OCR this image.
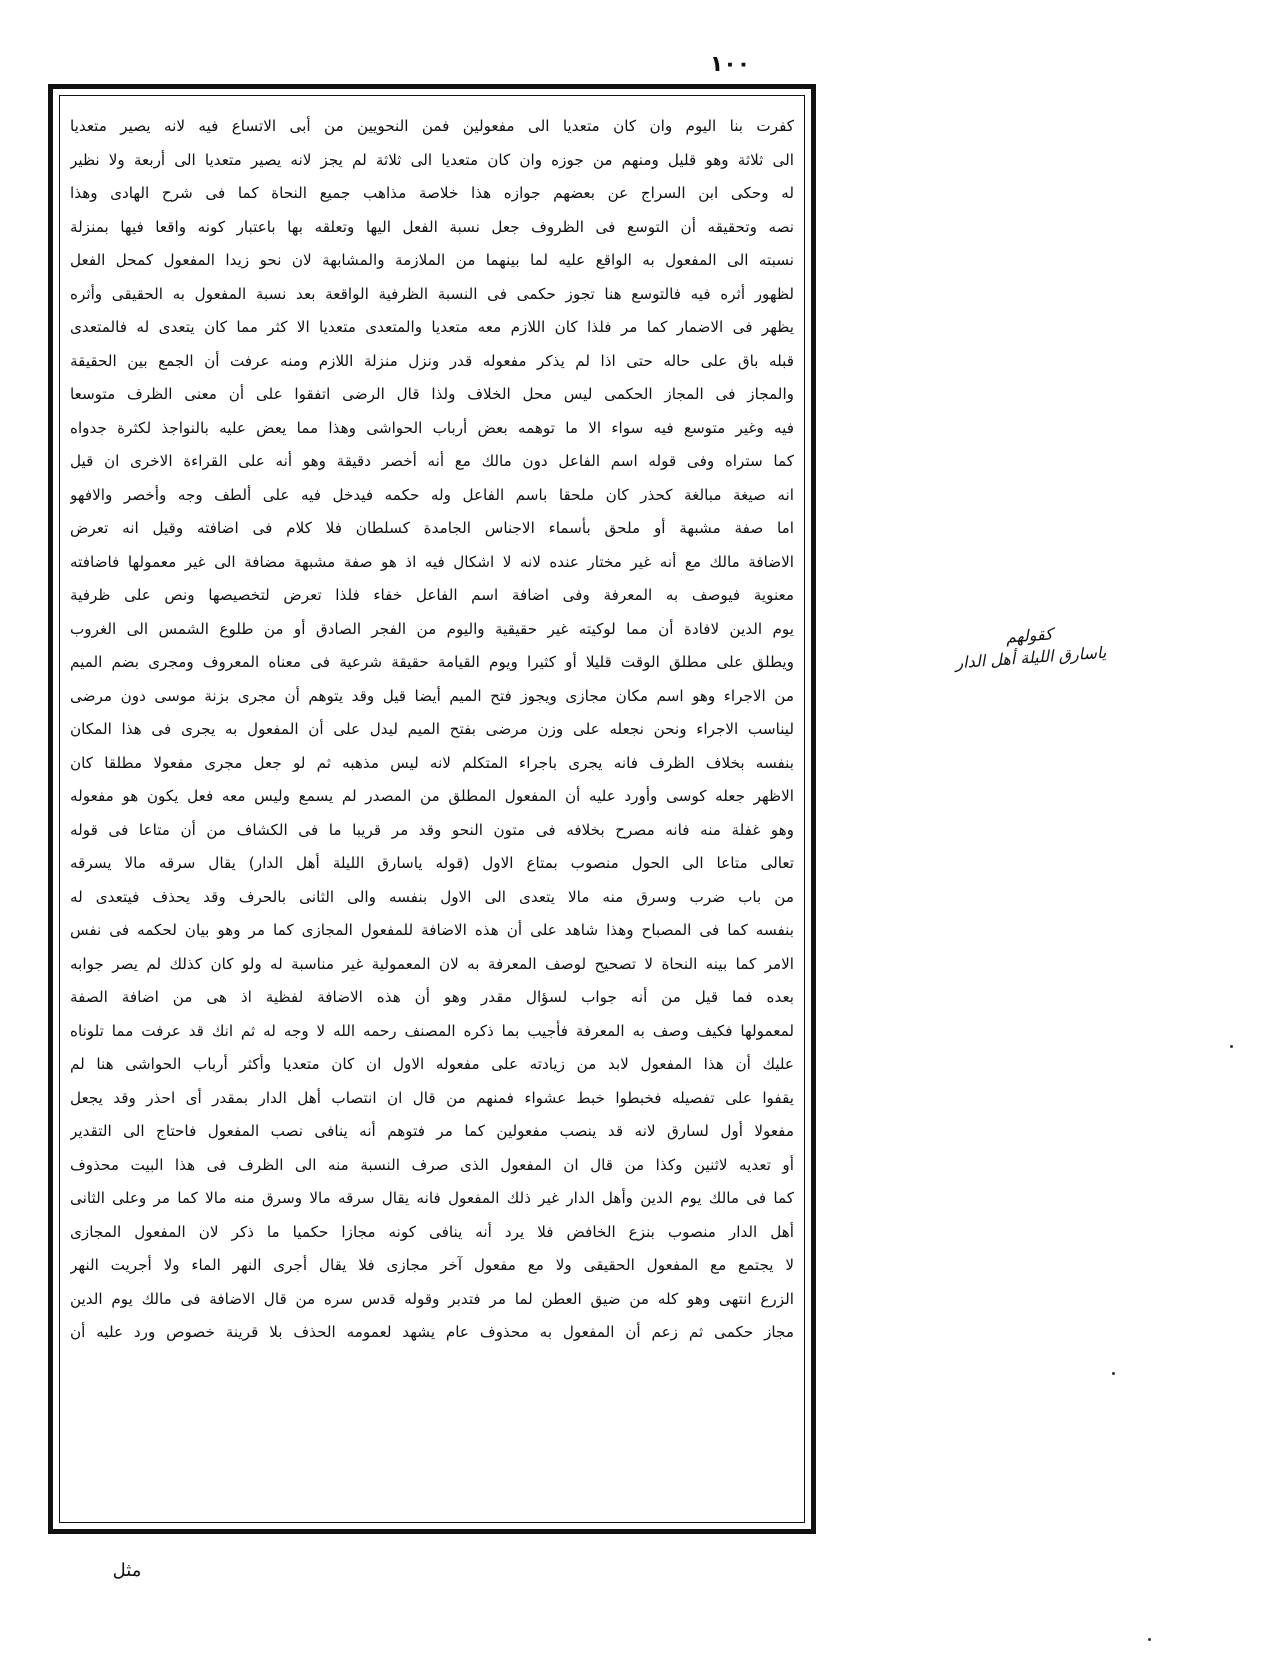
١٠٠
كفرت بنا اليوم وان كان متعديا الى مفعولين فمن النحويين من أبى الاتساع فيه لانه يصير متعديا
الى ثلاثة وهو قليل ومنهم من جوزه وان كان متعديا الى ثلاثة لم يجز لانه يصير متعديا الى أربعة ولا نظير
له وحكى ابن السراج عن بعضهم جوازه هذا خلاصة مذاهب جميع النحاة كما فى شرح الهادى وهذا
نصه وتحقيقه أن التوسع فى الظروف جعل نسبة الفعل اليها وتعلقه بها باعتبار كونه واقعا فيها بمنزلة
نسبته الى المفعول به الواقع عليه لما بينهما من الملازمة والمشابهة لان نحو زيدا المفعول كمحل الفعل
لظهور أثره فيه فالتوسع هنا تجوز حكمى فى النسبة الظرفية الواقعة بعد نسبة المفعول به الحقيقى وأثره
يظهر فى الاضمار كما مر فلذا كان اللازم معه متعديا والمتعدى متعديا الا كثر مما كان يتعدى له فالمتعدى
قبله باق على حاله حتى اذا لم يذكر مفعوله قدر ونزل منزلة اللازم ومنه عرفت أن الجمع بين الحقيقة
والمجاز فى المجاز الحكمى ليس محل الخلاف ولذا قال الرضى اتفقوا على أن معنى الظرف متوسعا
فيه وغير متوسع فيه سواء الا ما توهمه بعض أرباب الحواشى وهذا مما يعض عليه بالنواجذ لكثرة جدواه
كما ستراه وفى قوله اسم الفاعل دون مالك مع أنه أخصر دقيقة وهو أنه على القراءة الاخرى ان قيل
انه صيغة مبالغة كحذر كان ملحقا باسم الفاعل وله حكمه فيدخل فيه على ألطف وجه وأخصر والافهو
اما صفة مشبهة أو ملحق بأسماء الاجناس الجامدة كسلطان فلا كلام فى اضافته وقيل انه تعرض
الاضافة مالك مع أنه غير مختار عنده لانه لا اشكال فيه اذ هو صفة مشبهة مضافة الى غير معمولها فاضافته
معنوية فيوصف به المعرفة وفى اضافة اسم الفاعل خفاء فلذا تعرض لتخصيصها ونص على ظرفية
يوم الدين لافادة أن مما لوكيته غير حقيقية واليوم من الفجر الصادق أو من طلوع الشمس الى الغروب
ويطلق على مطلق الوقت قليلا أو كثيرا ويوم القيامة حقيقة شرعية فى معناه المعروف ومجرى بضم الميم
من الاجراء وهو اسم مكان مجازى ويجوز فتح الميم أيضا قيل وقد يتوهم أن مجرى بزنة موسى دون مرضى
ليناسب الاجراء ونحن نجعله على وزن مرضى بفتح الميم ليدل على أن المفعول به يجرى فى هذا المكان
بنفسه بخلاف الظرف فانه يجرى باجراء المتكلم لانه ليس مذهبه ثم لو جعل مجرى مفعولا مطلقا كان
الاظهر جعله كوسى وأورد عليه أن المفعول المطلق من المصدر لم يسمع وليس معه فعل يكون هو مفعوله
وهو غفلة منه فانه مصرح بخلافه فى متون النحو وقد مر قريبا ما فى الكشاف من أن متاعا فى قوله
تعالى متاعا الى الحول منصوب بمتاع الاول (قوله ياسارق الليلة أهل الدار) يقال سرقه مالا يسرقه
من باب ضرب وسرق منه مالا يتعدى الى الاول بنفسه والى الثانى بالحرف وقد يحذف فيتعدى له
بنفسه كما فى المصباح وهذا شاهد على أن هذه الاضافة للمفعول المجازى كما مر وهو بيان لحكمه فى نفس
الامر كما بينه النحاة لا تصحيح لوصف المعرفة به لان المعمولية غير مناسبة له ولو كان كذلك لم يصر جوابه
بعده فما قيل من أنه جواب لسؤال مقدر وهو أن هذه الاضافة لفظية اذ هى من اضافة الصفة
لمعمولها فكيف وصف به المعرفة فأجيب بما ذكره المصنف رحمه الله لا وجه له ثم انك قد عرفت مما تلوناه
عليك أن هذا المفعول لابد من زيادته على مفعوله الاول ان كان متعديا وأكثر أرباب الحواشى هنا لم
يقفوا على تفصيله فخبطوا خبط عشواء فمنهم من قال ان انتصاب أهل الدار بمقدر أى احذر وقد يجعل
مفعولا أول لسارق لانه قد ينصب مفعولين كما مر فتوهم أنه ينافى نصب المفعول فاحتاج الى التقدير
أو تعديه لاثنين وكذا من قال ان المفعول الذى صرف النسبة منه الى الظرف فى هذا البيت محذوف
كما فى مالك يوم الدين وأهل الدار غير ذلك المفعول فانه يقال سرقه مالا وسرق منه مالا كما مر وعلى الثانى
أهل الدار منصوب بنزع الخافض فلا يرد أنه ينافى كونه مجازا حكميا ما ذكر لان المفعول المجازى
لا يجتمع مع المفعول الحقيقى ولا مع مفعول آخر مجازى فلا يقال أجرى النهر الماء ولا أجريت النهر
الزرع انتهى وهو كله من ضيق العطن لما مر فتدبر وقوله قدس سره من قال الاضافة فى مالك يوم الدين
مجاز حكمى ثم زعم أن المفعول به محذوف عام يشهد لعمومه الحذف بلا قرينة خصوص ورد عليه أن
كقولهم
ياسارق الليلة أهل الدار
مثل
